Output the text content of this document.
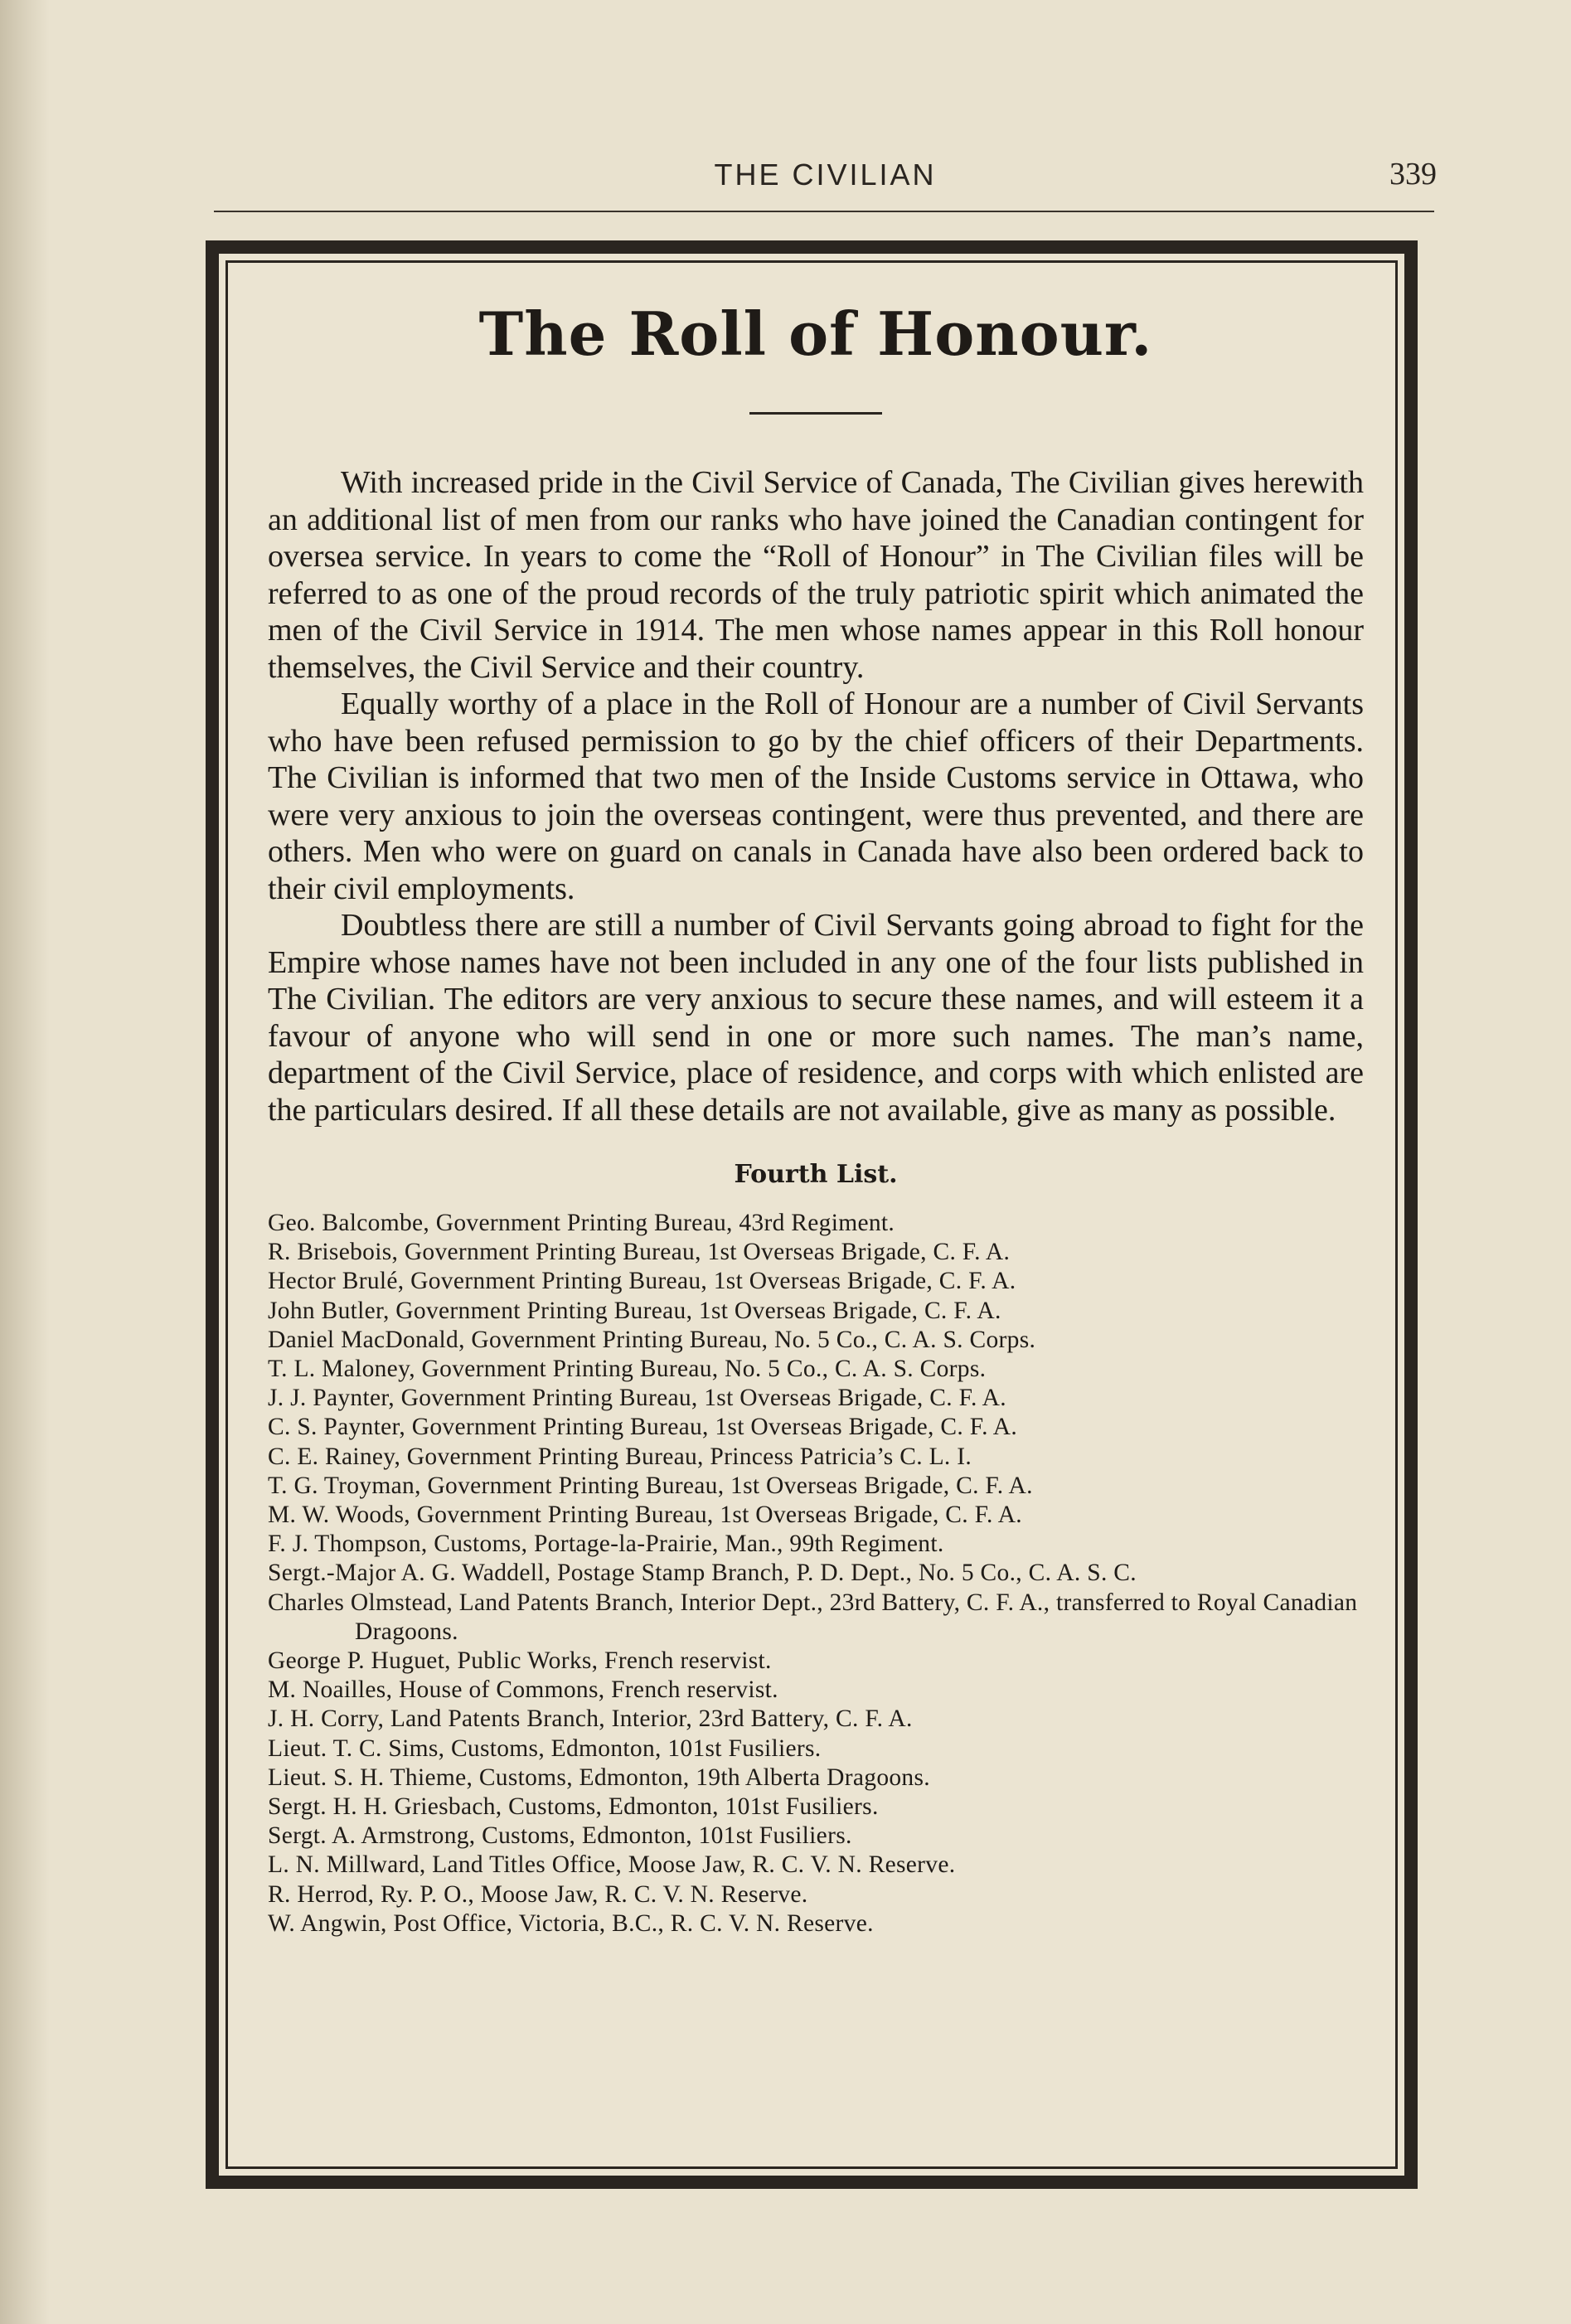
THE CIVILIAN	339
The Roll of Honour.

With increased pride in the Civil Service of Canada, The Civilian gives herewith an additional list of men from our ranks who have joined the Canadian contingent for oversea service. In years to come the “Roll of Honour” in The Civilian files will be referred to as one of the proud records of the truly patriotic spirit which animated the men of the Civil Service in 1914. The men whose names appear in this Roll honour themselves, the Civil Service and their country.

Equally worthy of a place in the Roll of Honour are a number of Civil Servants who have been refused permission to go by the chief officers of their Departments. The Civilian is informed that two men of the Inside Customs service in Ottawa, who were very anxious to join the overseas contingent, were thus prevented, and there are others. Men who were on guard on canals in Canada have also been ordered back to their civil employments.

Doubtless there are still a number of Civil Servants going abroad to fight for the Empire whose names have not been included in any one of the four lists published in The Civilian. The editors are very anxious to secure these names, and will esteem it a favour of anyone who will send in one or more such names. The man’s name, department of the Civil Service, place of residence, and corps with which enlisted are the particulars desired. If all these details are not available, give as many as possible.

Fourth List.
Geo. Balcombe, Government Printing Bureau, 43rd Regiment.
R. Brisebois, Government Printing Bureau, 1st Overseas Brigade, C. F. A.
Hector Brulé, Government Printing Bureau, 1st Overseas Brigade, C. F. A.
John Butler, Government Printing Bureau, 1st Overseas Brigade, C. F. A.
Daniel MacDonald, Government Printing Bureau, No. 5 Co., C. A. S. Corps.
T. L. Maloney, Government Printing Bureau, No. 5 Co., C. A. S. Corps.
J. J. Paynter, Government Printing Bureau, 1st Overseas Brigade, C. F. A.
C. S. Paynter, Government Printing Bureau, 1st Overseas Brigade, C. F. A.
C. E. Rainey, Government Printing Bureau, Princess Patricia’s C. L. I.
T. G. Troyman, Government Printing Bureau, 1st Overseas Brigade, C. F. A.
M. W. Woods, Government Printing Bureau, 1st Overseas Brigade, C. F. A.
F. J. Thompson, Customs, Portage-la-Prairie, Man., 99th Regiment.
Sergt.-Major A. G. Waddell, Postage Stamp Branch, P. D. Dept., No. 5 Co., C. A. S. C.
Charles Olmstead, Land Patents Branch, Interior Dept., 23rd Battery, C. F. A., transferred to Royal Canadian Dragoons.
George P. Huguet, Public Works, French reservist.
M. Noailles, House of Commons, French reservist.
J. H. Corry, Land Patents Branch, Interior, 23rd Battery, C. F. A.
Lieut. T. C. Sims, Customs, Edmonton, 101st Fusiliers.
Lieut. S. H. Thieme, Customs, Edmonton, 19th Alberta Dragoons.
Sergt. H. H. Griesbach, Customs, Edmonton, 101st Fusiliers.
Sergt. A. Armstrong, Customs, Edmonton, 101st Fusiliers.
L. N. Millward, Land Titles Office, Moose Jaw, R. C. V. N. Reserve.
R. Herrod, Ry. P. O., Moose Jaw, R. C. V. N. Reserve.
W. Angwin, Post Office, Victoria, B.C., R. C. V. N. Reserve.
